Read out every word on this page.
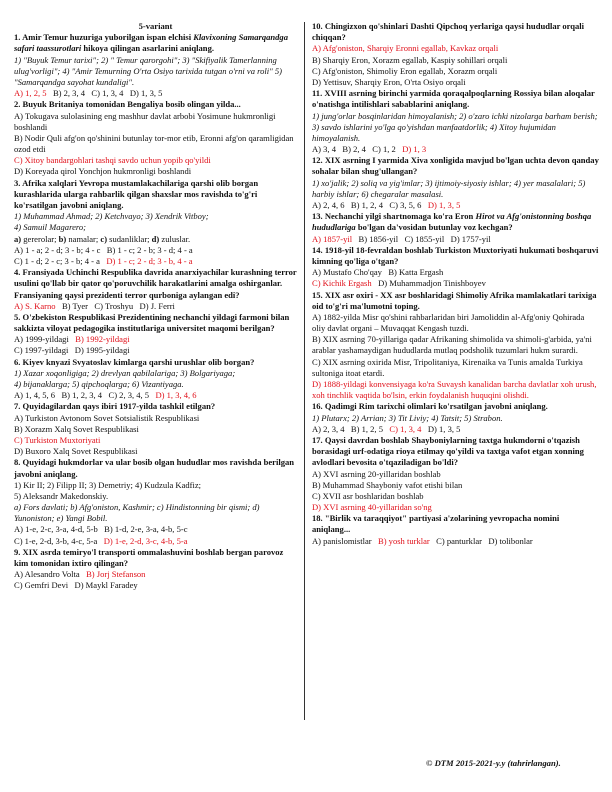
5-variant
1. Amir Temur huzuriga yuborilgan ispan elchisi Klavixoning Samarqandga safari taassurotlari hikoya qilingan asarlarini aniqlang.
1) "Buyuk Temur tarixi"; 2) " Temur qarorgohi"; 3) "Skifiyalik Tamerlanning ulug'vorligi"; 4) "Amir Temurning O'rta Osiyo tarixida tutgan o'rni va roli" 5) "Samarqandga sayohat kundaligi".
A) 1, 2, 5   B) 2, 3, 4   C) 1, 3, 4   D) 1, 3, 5
2. Buyuk Britaniya tomonidan Bengaliya bosib olingan yilda...
A) Tokugava sulolasining eng mashhur davlat arbobi Yosimune hukmronligi boshlandi
B) Nodir Quli afg'on qo'shinini butunlay tor-mor etib, Eronni afg'on qaramligidan ozod etdi
C) Xitoy bandargohlari tashqi savdo uchun yopib qo'yildi
D) Koreyada qirol Yonchjon hukmronligi boshlandi
3. Afrika xalqlari Yevropa mustamlakachilariga qarshi olib borgan kurashlarida ularga rahbarlik qilgan shaxslar mos ravishda to'g'ri ko'rsatilgan javobni aniqlang.
1) Muhammad Ahmad; 2) Ketchvayo; 3) Xendrik Vitboy;
4) Samuil Magarero;
a) gererolar; b) namalar; c) sudanliklar; d) zuluslar.
A) 1 - a; 2 - d; 3 - b; 4 - c   B) 1 - c; 2 - b; 3 - d; 4 - a
C) 1 - d; 2 - c; 3 - b; 4 - a   D) 1 - c; 2 - d; 3 - b, 4 - a
4. Fransiyada Uchinchi Respublika davrida anarxiyachilar kurashning terror usulini qo'llab bir qator qo'poruvchilik harakatlarini amalga oshirganlar. Fransiyaning qaysi prezidenti terror qurboniga aylangan edi?
A) S. Karno   B) Tyer   C) Troshyu   D) J. Ferri
5. O'zbekiston Respublikasi Prezidentining nechanchi yildagi farmoni bilan sakkizta viloyat pedagogika institutlariga universitet maqomi berilgan?
A) 1999-yildagi   B) 1992-yildagi
C) 1997-yildagi   D) 1995-yildagi
6. Kiyev knyazi Svyatoslav kimlarga qarshi urushlar olib borgan?
1) Xazar xoqonligiga; 2) drevlyan qabilalariga; 3) Bolgariyaga;
4) bijanaklarga; 5) qipchoqlarga; 6) Vizantiyaga.
A) 1, 4, 5, 6   B) 1, 2, 3, 4   C) 2, 3, 4, 5   D) 1, 3, 4, 6
7. Quyidagilardan qays ibiri 1917-yilda tashkil etilgan?
A) Turkiston Avtonom Sovet Sotsialistik Respublikasi
B) Xorazm Xalq Sovet Respublikasi
C) Turkiston Muxtoriyati
D) Buxoro Xalq Sovet Respublikasi
8. Quyidagi hukmdorlar va ular bosib olgan hududlar mos ravishda berilgan javobni aniqlang.
1) Kir II; 2) Filipp II; 3) Demetriy; 4) Kudzula Kadfiz;
5) Aleksandr Makedonskiy.
a) Fors davlati; b) Afg'oniston, Kashmir; c) Hindistonning bir qismi; d) Yunoniston; e) Yangi Bobil.
A) 1-e, 2-c, 3-a, 4-d, 5-b   B) 1-d, 2-e, 3-a, 4-b, 5-c
C) 1-e, 2-d, 3-b, 4-c, 5-a   D) 1-e, 2-d, 3-c, 4-b, 5-a
9. XIX asrda temiryo'l transporti ommalashuvini boshlab bergan parovoz kim tomonidan ixtiro qilingan?
A) Alesandro Volta   B) Jorj Stefanson
C) Gemfri Devi   D) Maykl Faradey
10. Chingizxon qo'shinlari Dashti Qipchoq yerlariga qaysi hududlar orqali chiqqan?
A) Afg'oniston, Sharqiy Eronni egallab, Kavkaz orqali
B) Sharqiy Eron, Xorazm egallab, Kaspiy sohillari orqali
C) Afg'oniston, Shimoliy Eron egallab, Xorazm orqali
D) Yettisuv, Sharqiy Eron, O'rta Osiyo orqali
11. XVIII asrning birinchi yarmida qoraqalpoqlarning Rossiya bilan aloqalar o'natishga intilishlari sabablarini aniqlang.
1) jung'orlar bosqinlaridan himoyalanish; 2) o'zaro ichki nizolarga barham berish; 3) savdo ishlarini yo'lga qo'yishdan manfaatdorlik; 4) Xitoy hujumidan himoyalanish.
A) 3, 4   B) 2, 4   C) 1, 2   D) 1, 3
12. XIX asrning I yarmida Xiva xonligida mavjud bo'lgan uchta devon qanday sohalar bilan shug'ullangan?
1) xo'jalik; 2) soliq va yig'imlar; 3) ijtimoiy-siyosiy ishlar; 4) yer masalalari; 5) harbiy ishlar; 6) chegaralar masalasi.
A) 2, 4, 6   B) 1, 2, 4   C) 3, 5, 6   D) 1, 3, 5
13. Nechanchi yilgi shartnomaga ko'ra Eron Hirot va Afg'onistonning boshqa hududlariga bo'lgan da'vosidan butunlay voz kechgan?
A) 1857-yil   B) 1856-yil   C) 1855-yil   D) 1757-yil
14. 1918-yil 18-fevraldan boshlab Turkiston Muxtoriyati hukumati boshqaruvi kimning qo'liga o'tgan?
A) Mustafo Cho'qay   B) Katta Ergash
C) Kichik Ergash   D) Muhammadjon Tinishboyev
15. XIX asr oxiri - XX asr boshlaridagi Shimoliy Afrika mamlakatlari tarixiga oid to'g'ri ma'lumotni toping.
A) 1882-yilda Misr qo'shini rahbarlaridan biri Jamoliddin al-Afg'oniy Qohirada oliy davlat organi – Muvaqqat Kengash tuzdi.
B) XIX asrning 70-yillariga qadar Afrikaning shimolida va shimoli-g'arbida, ya'ni arablar yashamaydigan hududlarda mutlaq podsholik tuzumlari hukm surardi.
C) XIX asrning oxirida Misr, Tripolitaniya, Kirenaika va Tunis amalda Turkiya sultoniga itoat etardi.
D) 1888-yildagi konvensiyaga ko'ra Suvaysh kanalidan barcha davlatlar xoh urush, xoh tinchlik vaqtida bo'lsin, erkin foydalanish huquqini olishdi.
16. Qadimgi Rim tarixchi olimlari ko'rsatilgan javobni aniqlang.
1) Plutarx; 2) Arrian; 3) Tit Liviy; 4) Tatsit; 5) Strabon.
A) 2, 3, 4   B) 1, 2, 5   C) 1, 3, 4   D) 1, 3, 5
17. Qaysi davrdan boshlab Shayboniylarning taxtga hukmdorni o'tqazish borasidagi urf-odatiga rioya etilmay qo'yildi va taxtga vafot etgan xonning avlodlari bevosita o'tqaziladigan bo'ldi?
A) XVI asrning 20-yillaridan boshlab
B) Muhammad Shayboniy vafot etishi bilan
C) XVII asr boshlaridan boshlab
D) XVI asrning 40-yillaridan so'ng
18. "Birlik va taraqqiyot" partiyasi a'zolarining yevropacha nomini aniqlang...
A) panislomistlar   B) yosh turklar   C) panturklar   D) tolibonlar
© DTM 2015-2021-y.y (tahrirlangan).
